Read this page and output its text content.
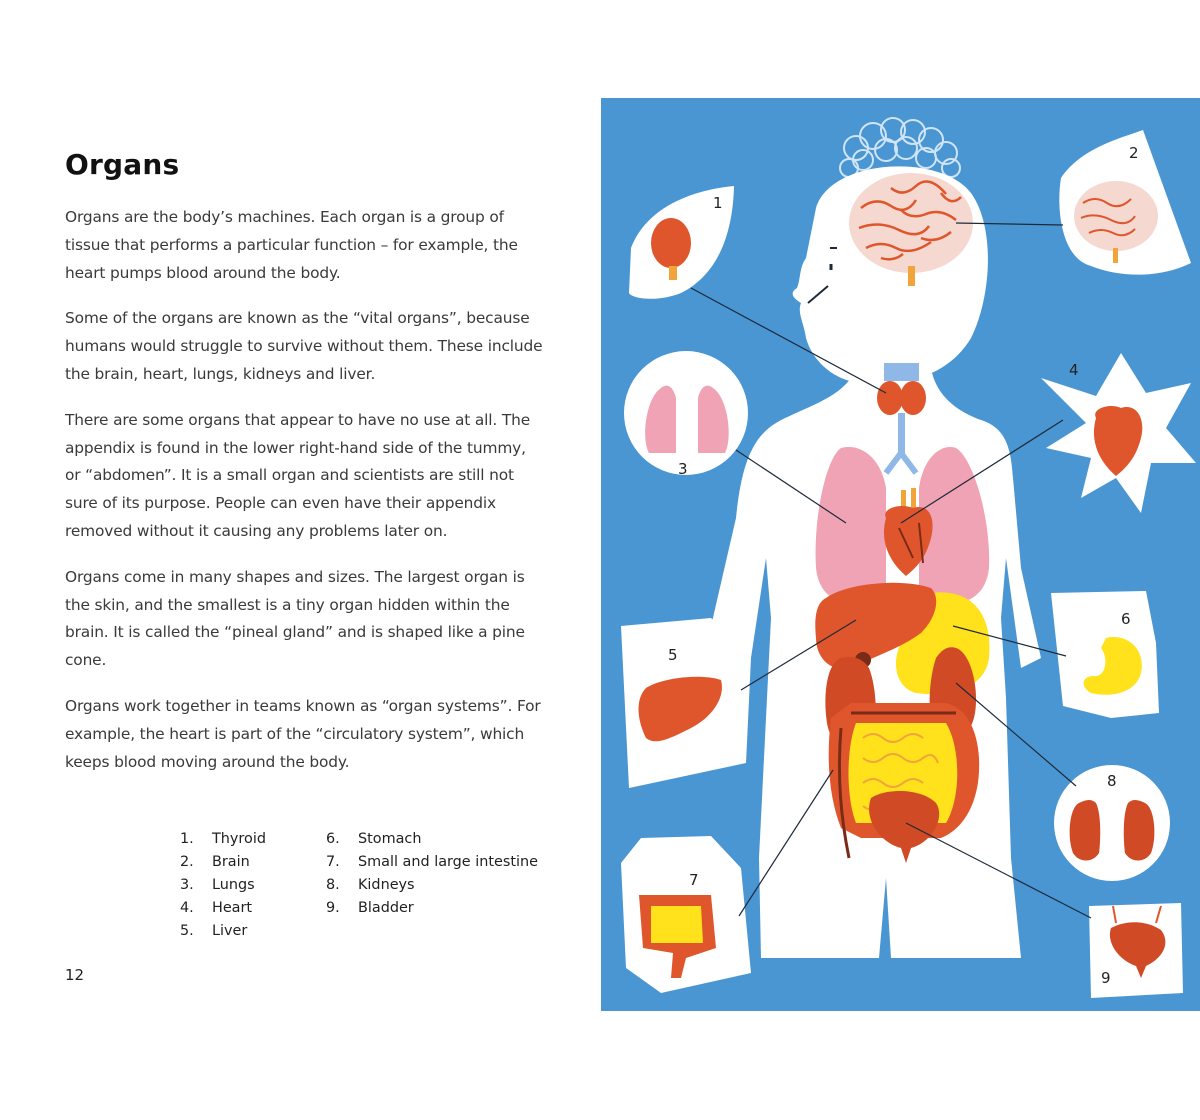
Organs

Organs are the body’s machines. Each organ is a group of tissue that performs a particular function – for example, the heart pumps blood around the body.

Some of the organs are known as the “vital organs”, because humans would struggle to survive without them. These include the brain, heart, lungs, kidneys and liver.

There are some organs that appear to have no use at all. The appendix is found in the lower right-hand side of the tummy, or “abdomen”. It is a small organ and scientists are still not sure of its purpose. People can even have their appendix removed without it causing any problems later on.

Organs come in many shapes and sizes. The largest organ is the skin, and the smallest is a tiny organ hidden within the brain. It is called the “pineal gland” and is shaped like a pine cone.

Organs work together in teams known as “organ systems”. For example, the heart is part of the “circulatory system”, which keeps blood moving around the body.

1. Thyroid
2. Brain
3. Lungs
4. Heart
5. Liver
6. Stomach
7. Small and large intestine
8. Kidneys
9. Bladder
12
1
2
3
4
5
6
7
8
9
